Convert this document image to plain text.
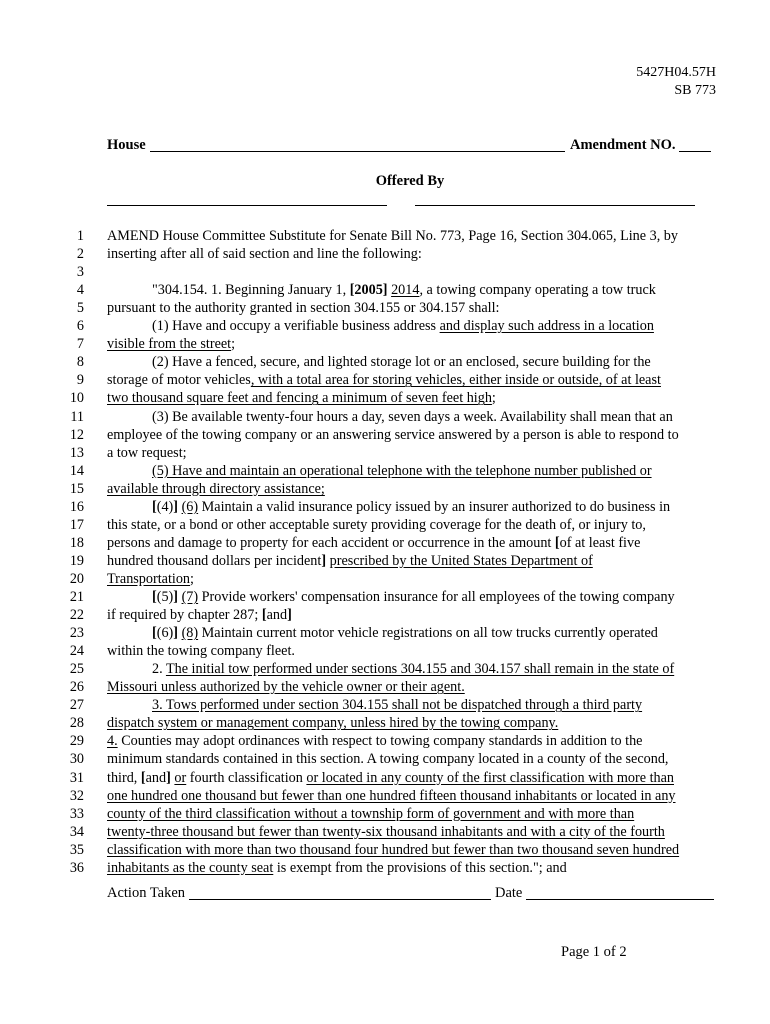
5427H04.57H
SB 773
House	Amendment NO.
Offered By
1 AMEND House Committee Substitute for Senate Bill No. 773, Page 16, Section 304.065, Line 3, by
2 inserting after all of said section and line the following:
3
4	"304.154. 1. Beginning January 1, [2005] 2014, a towing company operating a tow truck
5 pursuant to the authority granted in section 304.155 or 304.157 shall:
6	(1) Have and occupy a verifiable business address and display such address in a location
7 visible from the street;
8	(2) Have a fenced, secure, and lighted storage lot or an enclosed, secure building for the
9 storage of motor vehicles, with a total area for storing vehicles, either inside or outside, of at least
10 two thousand square feet and fencing a minimum of seven feet high;
11	(3) Be available twenty-four hours a day, seven days a week. Availability shall mean that an
12 employee of the towing company or an answering service answered by a person is able to respond to
13 a tow request;
14	(5) Have and maintain an operational telephone with the telephone number published or
15 available through directory assistance;
16	[(4)] (6) Maintain a valid insurance policy issued by an insurer authorized to do business in
17 this state, or a bond or other acceptable surety providing coverage for the death of, or injury to,
18 persons and damage to property for each accident or occurrence in the amount [of at least five
19 hundred thousand dollars per incident] prescribed by the United States Department of
20 Transportation;
21	[(5)] (7) Provide workers' compensation insurance for all employees of the towing company
22 if required by chapter 287; [and]
23	[(6)] (8) Maintain current motor vehicle registrations on all tow trucks currently operated
24 within the towing company fleet.
25	2. The initial tow performed under sections 304.155 and 304.157 shall remain in the state of
26 Missouri unless authorized by the vehicle owner or their agent.
27	3. Tows performed under section 304.155 shall not be dispatched through a third party
28 dispatch system or management company, unless hired by the towing company.
29 4. Counties may adopt ordinances with respect to towing company standards in addition to the
30 minimum standards contained in this section. A towing company located in a county of the second,
31 third, [and] or fourth classification or located in any county of the first classification with more than
32 one hundred one thousand but fewer than one hundred fifteen thousand inhabitants or located in any
33 county of the third classification without a township form of government and with more than
34 twenty-three thousand but fewer than twenty-six thousand inhabitants and with a city of the fourth
35 classification with more than two thousand four hundred but fewer than two thousand seven hundred
36 inhabitants as the county seat is exempt from the provisions of this section."; and
Action Taken	Date
Page 1 of 2
